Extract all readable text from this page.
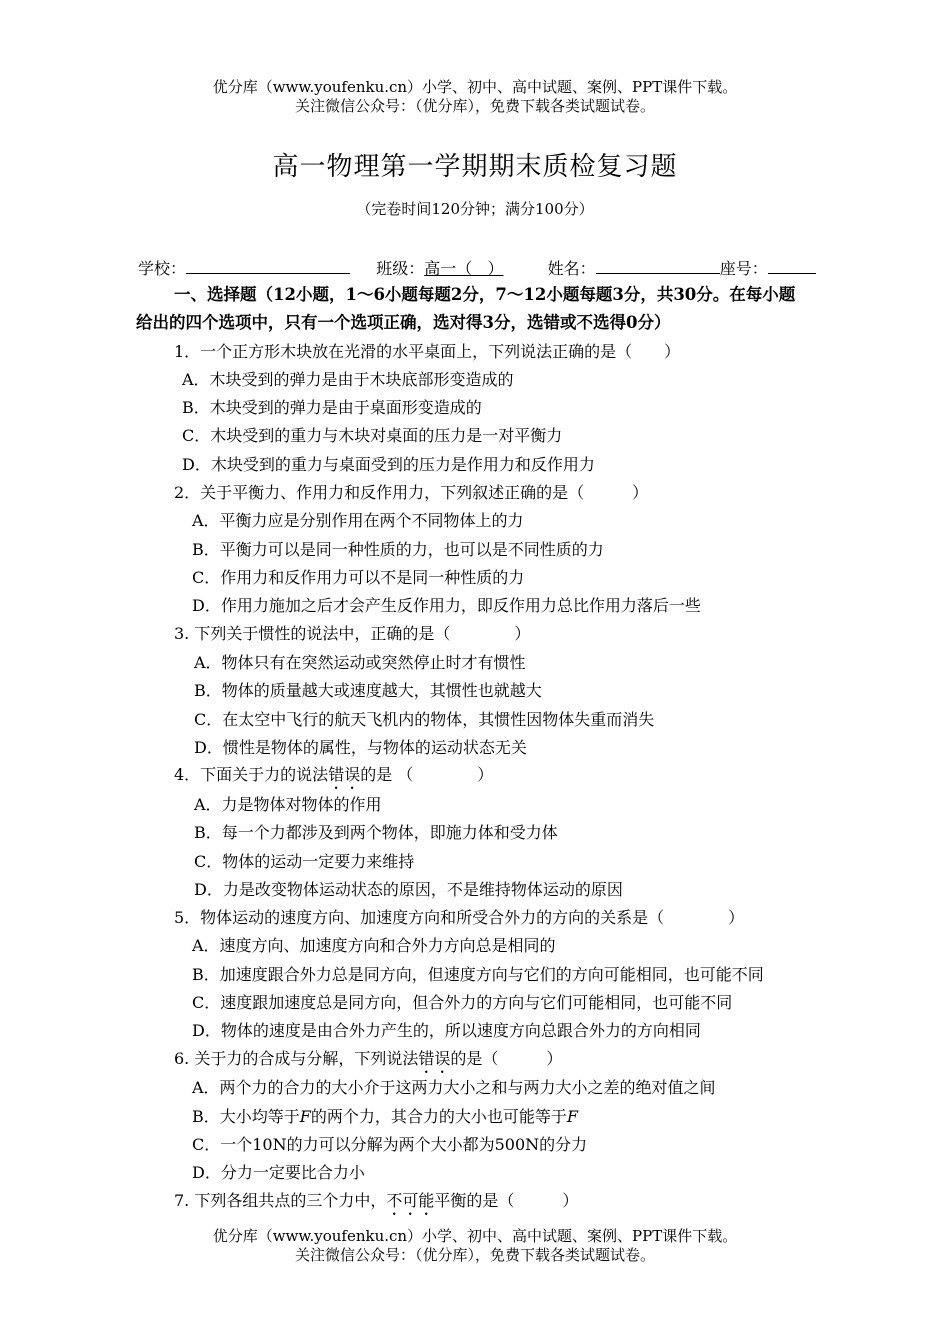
优分库（www.youfenku.cn）小学、初中、高中试题、案例、PPT课件下载。
关注微信公众号：（优分库），免费下载各类试题试卷。
高一物理第一学期期末质检复习题
（完卷时间120分钟；满分100分）
学校：	班级：高一（   ）	姓名：	座号：
一、选择题（12小题，1～6小题每题2分，7～12小题每题3分，共30分。在每小题
给出的四个选项中，只有一个选项正确，选对得3分，选错或不选得0分）
1．一个正方形木块放在光滑的水平桌面上，下列说法正确的是（　　）
A．木块受到的弹力是由于木块底部形变造成的
B．木块受到的弹力是由于桌面形变造成的
C．木块受到的重力与木块对桌面的压力是一对平衡力
D．木块受到的重力与桌面受到的压力是作用力和反作用力
2．关于平衡力、作用力和反作用力，下列叙述正确的是（　　　）
A．平衡力应是分别作用在两个不同物体上的力
B．平衡力可以是同一种性质的力，也可以是不同性质的力
C．作用力和反作用力可以不是同一种性质的力
D．作用力施加之后才会产生反作用力，即反作用力总比作用力落后一些
3. 下列关于惯性的说法中，正确的是（　　　　）
A．物体只有在突然运动或突然停止时才有惯性
B．物体的质量越大或速度越大，其惯性也就越大
C．在太空中飞行的航天飞机内的物体，其惯性因物体失重而消失
D．惯性是物体的属性，与物体的运动状态无关
4．下面关于力的说法错误的是 （　　　　）
A．力是物体对物体的作用
B．每一个力都涉及到两个物体，即施力体和受力体
C．物体的运动一定要力来维持
D．力是改变物体运动状态的原因，不是维持物体运动的原因
5．物体运动的速度方向、加速度方向和所受合外力的方向的关系是（　　　　）
A．速度方向、加速度方向和合外力方向总是相同的
B．加速度跟合外力总是同方向，但速度方向与它们的方向可能相同，也可能不同
C．速度跟加速度总是同方向，但合外力的方向与它们可能相同，也可能不同
D．物体的速度是由合外力产生的，所以速度方向总跟合外力的方向相同
6. 关于力的合成与分解，下列说法错误的是（　　　）
A．两个力的合力的大小介于这两力大小之和与两力大小之差的绝对值之间
B．大小均等于F的两个力，其合力的大小也可能等于F
C．一个10N的力可以分解为两个大小都为500N的分力
D．分力一定要比合力小
7. 下列各组共点的三个力中，不可能平衡的是（　　　）
优分库（www.youfenku.cn）小学、初中、高中试题、案例、PPT课件下载。
关注微信公众号：（优分库），免费下载各类试题试卷。
